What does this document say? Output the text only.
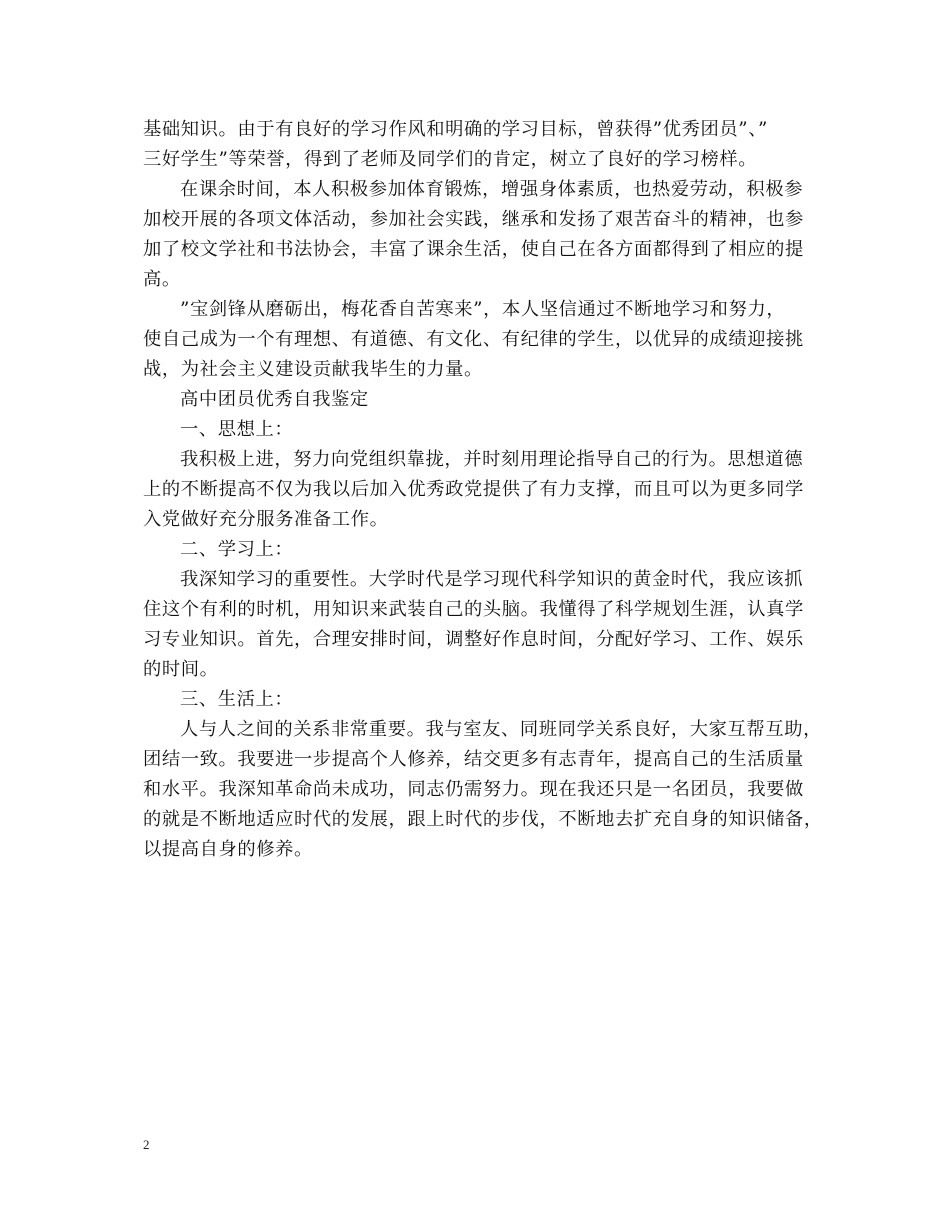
基础知识。由于有良好的学习作风和明确的学习目标，曾获得”优秀团员”、”
三好学生”等荣誉，得到了老师及同学们的肯定，树立了良好的学习榜样。
在课余时间，本人积极参加体育锻炼，增强身体素质，也热爱劳动，积极参
加校开展的各项文体活动，参加社会实践，继承和发扬了艰苦奋斗的精神，也参
加了校文学社和书法协会，丰富了课余生活，使自己在各方面都得到了相应的提
高。
”宝剑锋从磨砺出，梅花香自苦寒来”，本人坚信通过不断地学习和努力，
使自己成为一个有理想、有道德、有文化、有纪律的学生，以优异的成绩迎接挑
战，为社会主义建设贡献我毕生的力量。
高中团员优秀自我鉴定
一、思想上：
我积极上进，努力向党组织靠拢，并时刻用理论指导自己的行为。思想道德
上的不断提高不仅为我以后加入优秀政党提供了有力支撑，而且可以为更多同学
入党做好充分服务准备工作。
二、学习上：
我深知学习的重要性。大学时代是学习现代科学知识的黄金时代，我应该抓
住这个有利的时机，用知识来武装自己的头脑。我懂得了科学规划生涯，认真学
习专业知识。首先，合理安排时间，调整好作息时间，分配好学习、工作、娱乐
的时间。
三、生活上：
人与人之间的关系非常重要。我与室友、同班同学关系良好，大家互帮互助，
团结一致。我要进一步提高个人修养，结交更多有志青年，提高自己的生活质量
和水平。我深知革命尚未成功，同志仍需努力。现在我还只是一名团员，我要做
的就是不断地适应时代的发展，跟上时代的步伐，不断地去扩充自身的知识储备，
以提高自身的修养。
2
